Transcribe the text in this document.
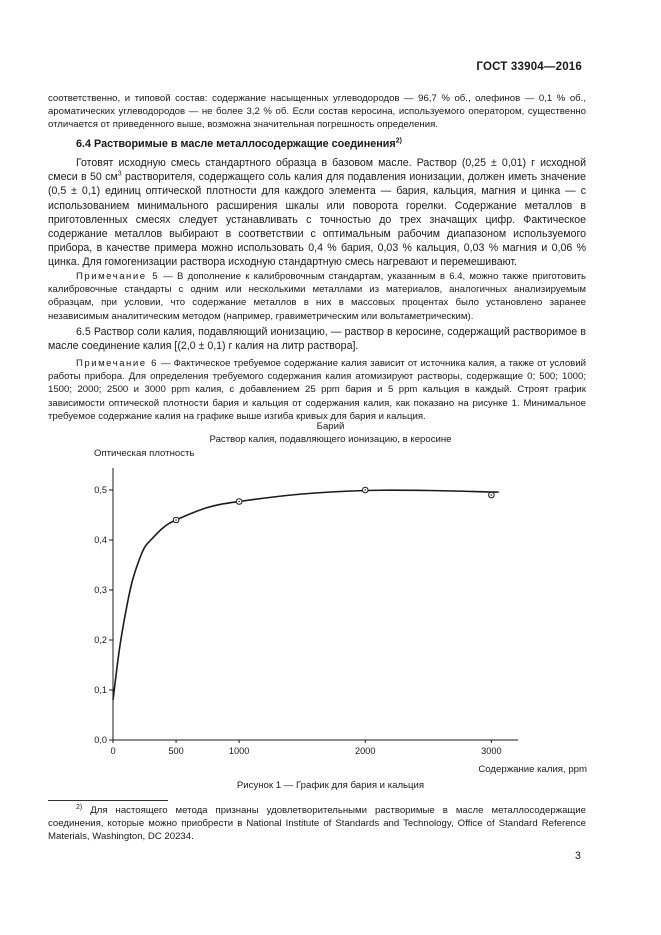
ГОСТ 33904—2016
соответственно, и типовой состав: содержание насыщенных углеводородов — 96,7 % об., олефинов — 0,1 % об., ароматических углеводородов — не более 3,2 % об. Если состав керосина, используемого оператором, существенно отличается от приведенного выше, возможна значительная погрешность определения.
6.4 Растворимые в масле металлосодержащие соединения$^{2)}$
Готовят исходную смесь стандартного образца в базовом масле. Раствор (0,25 ± 0,01) г исходной смеси в 50 $см^3$ растворителя, содержащего соль калия для подавления ионизации, должен иметь значение (0,5 ± 0,1) единиц оптической плотности для каждого элемента — бария, кальция, магния и цинка — с использованием минимального расширения шкалы или поворота горелки. Содержание металлов в приготовленных смесях следует устанавливать с точностью до трех значащих цифр. Фактическое содержание металлов выбирают в соответствии с оптимальным рабочим диапазоном используемого прибора, в качестве примера можно использовать 0,4 % бария, 0,03 % кальция, 0,03 % магния и 0,06 % цинка. Для гомогенизации раствора исходную стандартную смесь нагревают и перемешивают.
Примечание 5 — В дополнение к калибровочным стандартам, указанным в 6.4, можно также приготовить калибровочные стандарты с одним или несколькими металлами из материалов, аналогичных анализируемым образцам, при условии, что содержание металлов в них в массовых процентах было установлено заранее независимым аналитическим методом (например, гравиметрическим или вольтаметрическим).
6.5 Раствор соли калия, подавляющий ионизацию, — раствор в керосине, содержащий растворимое в масле соединение калия [(2,0 ± 0,1) г калия на литр раствора].
Примечание 6 — Фактическое требуемое содержание калия зависит от источника калия, а также от условий работы прибора. Для определения требуемого содержания калия атомизируют растворы, содержащие 0; 500; 1000; 1500; 2000; 2500 и 3000 ppm калия, с добавлением 25 ppm бария и 5 ppm кальция в каждый. Строят график зависимости оптической плотности бария и кальция от содержания калия, как показано на рисунке 1. Минимальное требуемое содержание калия на графике выше изгиба кривых для бария и кальция.
Барий
Раствор калия, подавляющего ионизацию, в керосине
Оптическая плотность
Содержание калия, ppm
0,0
0,1
0,2
0,3
0,4
0,5
0	500	1000	2000	3000
Рисунок 1 — График для бария и кальция
$^{2)}$ Для настоящего метода признаны удовлетворительными растворимые в масле металлосодержащие соединения, которые можно приобрести в National Institute of Standards and Technology, Office of Standard Reference Materials, Washington, DC 20234.
3
